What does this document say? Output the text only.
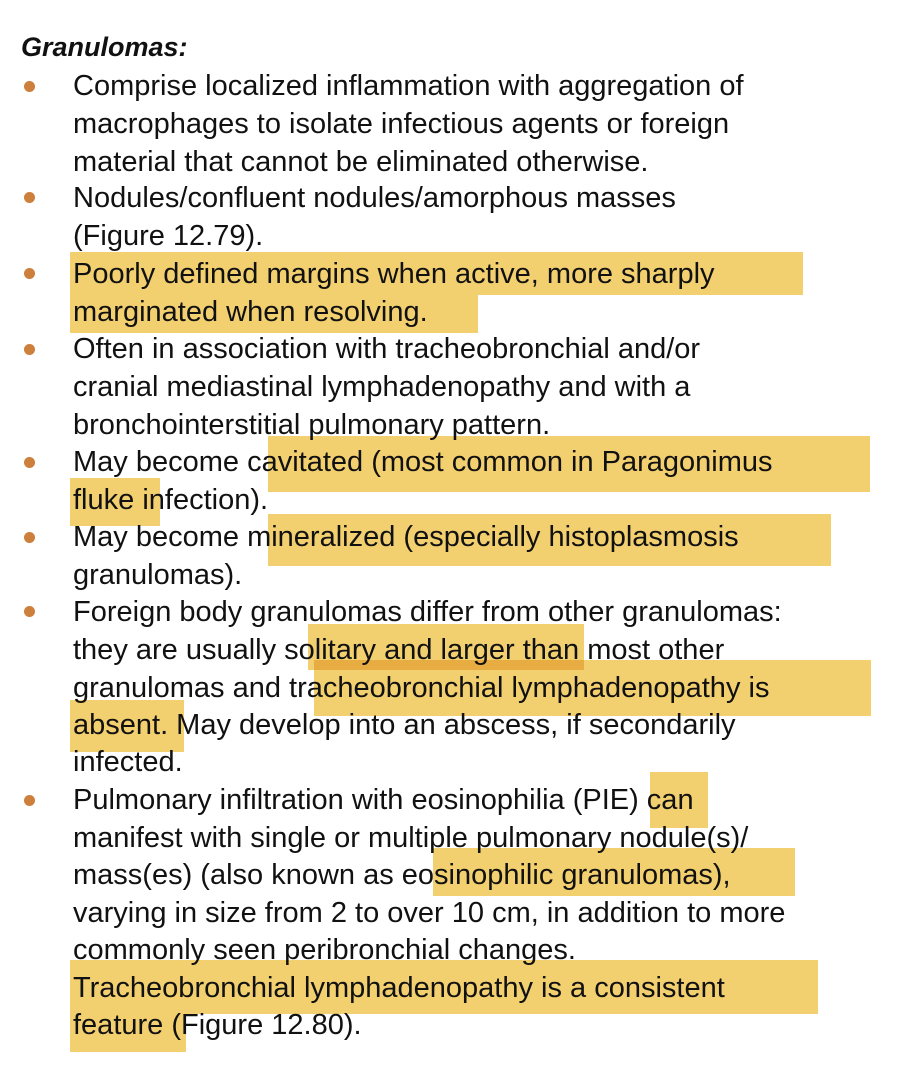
Granulomas:
Comprise localized inflammation with aggregation of
macrophages to isolate infectious agents or foreign
material that cannot be eliminated otherwise.
Nodules/confluent nodules/amorphous masses
(Figure 12.79).
Poorly defined margins when active, more sharply
marginated when resolving.
Often in association with tracheobronchial and/or
cranial mediastinal lymphadenopathy and with a
bronchointerstitial pulmonary pattern.
May become cavitated (most common in Paragonimus
fluke infection).
May become mineralized (especially histoplasmosis
granulomas).
Foreign body granulomas differ from other granulomas:
they are usually solitary and larger than most other
granulomas and tracheobronchial lymphadenopathy is
absent. May develop into an abscess, if secondarily
infected.
Pulmonary infiltration with eosinophilia (PIE) can
manifest with single or multiple pulmonary nodule(s)/
mass(es) (also known as eosinophilic granulomas),
varying in size from 2 to over 10 cm, in addition to more
commonly seen peribronchial changes.
Tracheobronchial lymphadenopathy is a consistent
feature (Figure 12.80).
